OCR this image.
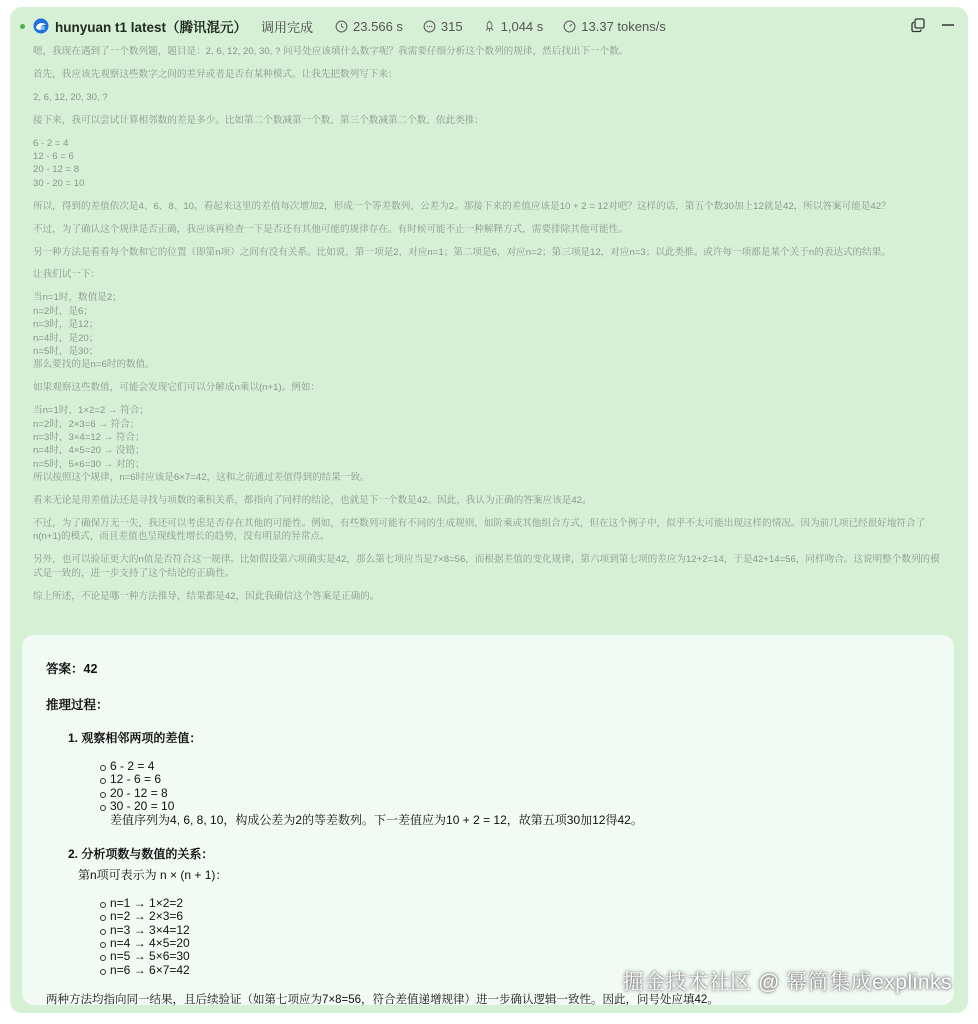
hunyuan t1 latest（腾讯混元） 调用完成	23.566 s	315	1,044 s	13.37 tokens/s

嗯，我现在遇到了一个数列题，题目是：2, 6, 12, 20, 30, ? 问号处应该填什么数字呢？我需要仔细分析这个数列的规律，然后找出下一个数。

首先，我应该先观察这些数字之间的差异或者是否有某种模式。让我先把数列写下来：

2, 6, 12, 20, 30, ?

接下来，我可以尝试计算相邻数的差是多少。比如第二个数减第一个数，第三个数减第二个数，依此类推：

6 - 2 = 4
12 - 6 = 6
20 - 12 = 8
30 - 20 = 10

所以，得到的差值依次是4、6、8、10。看起来这里的差值每次增加2，形成一个等差数列，公差为2。那接下来的差值应该是10 + 2 = 12对吧？这样的话，第五个数30加上12就是42，所以答案可能是42？

不过，为了确认这个规律是否正确，我应该再检查一下是否还有其他可能的规律存在。有时候可能不止一种解释方式，需要排除其他可能性。

另一种方法是看看每个数和它的位置（即第n项）之间有没有关系。比如说，第一项是2，对应n=1；第二项是6，对应n=2；第三项是12，对应n=3；以此类推。或许每一项都是某个关于n的表达式的结果。

让我们试一下：

当n=1时，数值是2；
n=2时，是6；
n=3时，是12；
n=4时，是20；
n=5时，是30；
那么要找的是n=6时的数值。

如果观察这些数值，可能会发现它们可以分解成n乘以(n+1)。例如：

当n=1时，1×2=2 → 符合；
n=2时，2×3=6 → 符合；
n=3时，3×4=12 → 符合；
n=4时，4×5=20 → 没错；
n=5时，5×6=30 → 对的；
所以按照这个规律，n=6时应该是6×7=42，这和之前通过差值得到的结果一致。

看来无论是用差值法还是寻找与项数的乘积关系，都指向了同样的结论，也就是下一个数是42。因此，我认为正确的答案应该是42。

不过，为了确保万无一失，我还可以考虑是否存在其他的可能性。例如，有些数列可能有不同的生成规则，如阶乘或其他组合方式，但在这个例子中，似乎不太可能出现这样的情况。因为前几项已经很好地符合了n(n+1)的模式，而且差值也呈现线性增长的趋势，没有明显的异常点。

另外，也可以验证更大的n值是否符合这一规律。比如假设第六项确实是42，那么第七项应当是7×8=56，而根据差值的变化规律，第六项到第七项的差应为12+2=14，于是42+14=56，同样吻合。这说明整个数列的模式是一致的，进一步支持了这个结论的正确性。

综上所述，不论是哪一种方法推导，结果都是42，因此我确信这个答案是正确的。

答案：42
推理过程：
1. 观察相邻两项的差值：
6 - 2 = 4
12 - 6 = 6
20 - 12 = 8
30 - 20 = 10
差值序列为4, 6, 8, 10，构成公差为2的等差数列。下一差值应为10 + 2 = 12，故第五项30加12得42。
2. 分析项数与数值的关系：
第n项可表示为 n × (n + 1)：
n=1 → 1×2=2
n=2 → 2×3=6
n=3 → 3×4=12
n=4 → 4×5=20
n=5 → 5×6=30
n=6 → 6×7=42
两种方法均指向同一结果，且后续验证（如第七项应为7×8=56，符合差值递增规律）进一步确认逻辑一致性。因此，问号处应填42。
掘金技术社区 @ 幂简集成explinks
